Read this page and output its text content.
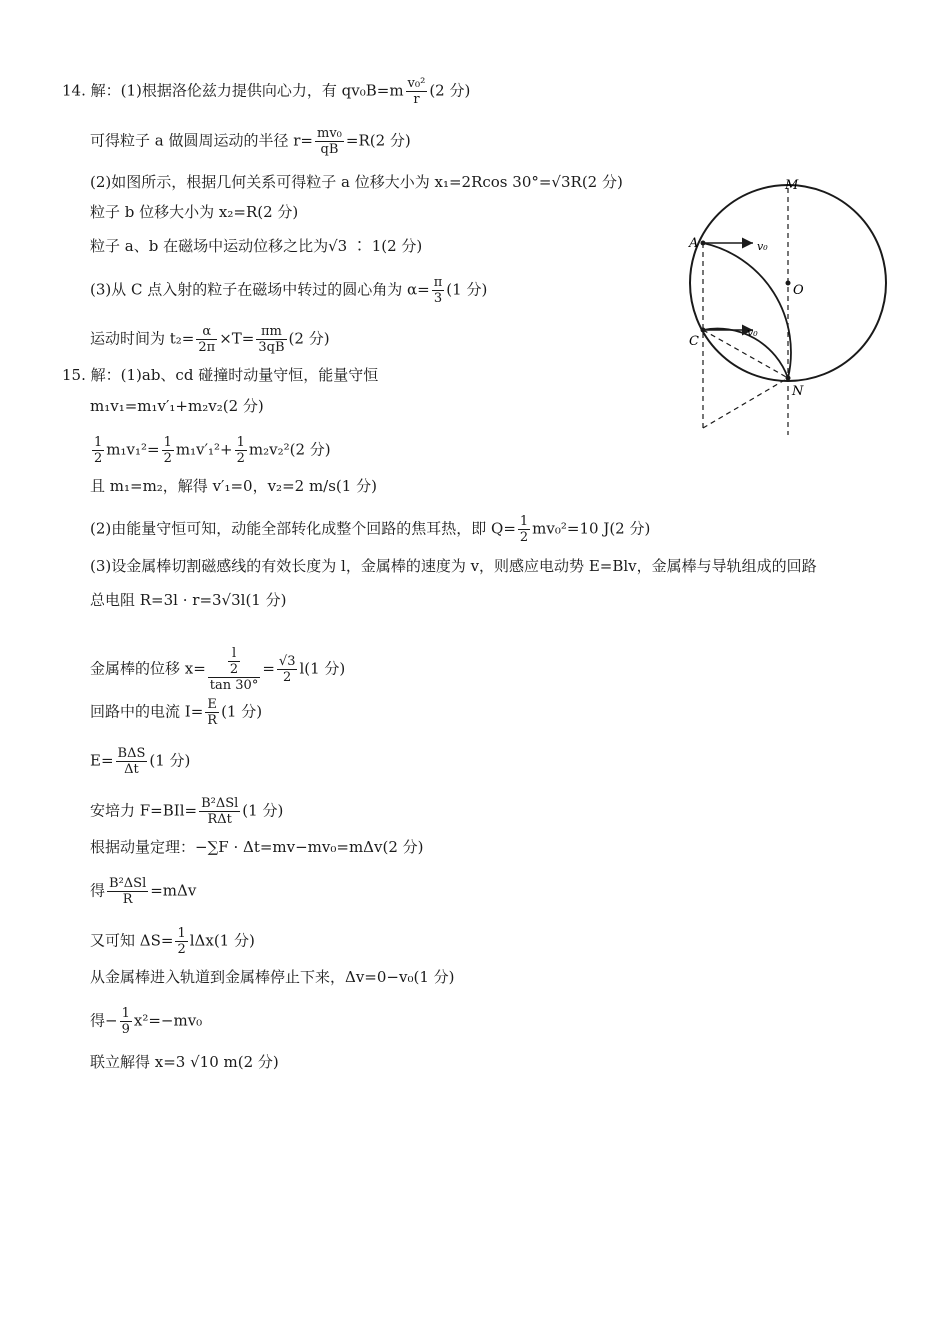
14. 解：(1)根据洛伦兹力提供向心力，有 $qv_0B=m \frac{\text{v₀²}}{r} (2$ 分)
可得粒子 a 做圆周运动的半径 $r= \frac{\text{mv₀}}{qB} =R(2$ 分)
(2)如图所示，根据几何关系可得粒子 a 位移大小为 x₁=2Rcos 30°=√3R(2 分)
粒子 b 位移大小为 x₂=R(2 分)
粒子 a、b 在磁场中运动位移之比为√3 ∶ 1(2 分)
(3)从 C 点入射的粒子在磁场中转过的圆心角为 $\alpha= \frac{\pi}{3} (1$ 分)
运动时间为 $t_2= \frac{\alpha}{2\pi} \times T= \frac{\pi m}{3qB} (2$ 分)
M
A
O
C
N
v₀
v₀
15. 解：(1)ab、cd 碰撞时动量守恒，能量守恒
m₁v₁=m₁v′₁+m₂v₂(2 分)
$\frac{1}{2} m_1v_1^2= \frac{1}{2} m_1v'_1^2+ \frac{1}{2} m_2v_2^2(2$ 分)
且 m₁=m₂，解得 v′₁=0，v₂=2 m/s(1 分)
(2)由能量守恒可知，动能全部转化成整个回路的焦耳热，即 $Q= \frac{1}{2} mv_0^2=10$ J(2 分)
(3)设金属棒切割磁感线的有效长度为 l，金属棒的速度为 v，则感应电动势 E=Blv，金属棒与导轨组成的回路
总电阻 R=3l · r=3√3l(1 分)
金属棒的位移 $x= \frac{\frac{l}{2}}{\tan 30^\circ} = \frac{√3}{2} l(1$ 分)
回路中的电流 $I= \frac{E}{R} (1$ 分)
$E= \frac{\text{BΔS}}{\Delta t} (1$ 分)
安培力 $F=BIl= \frac{\text{B²ΔSl}}{\text{RΔt}} (1$ 分)
根据动量定理：−∑F · Δt=mv−mv₀=mΔv(2 分)
得 $\frac{\text{B²ΔSl}}{R} =m\Delta v$
又可知 $\Delta S= \frac{1}{2} l\Delta x(1$ 分)
从金属棒进入轨道到金属棒停止下来，Δv=0−v₀(1 分)
得− $\frac{1}{9} x^2=-mv_0$
联立解得 x=3 √10 m(2 分)
